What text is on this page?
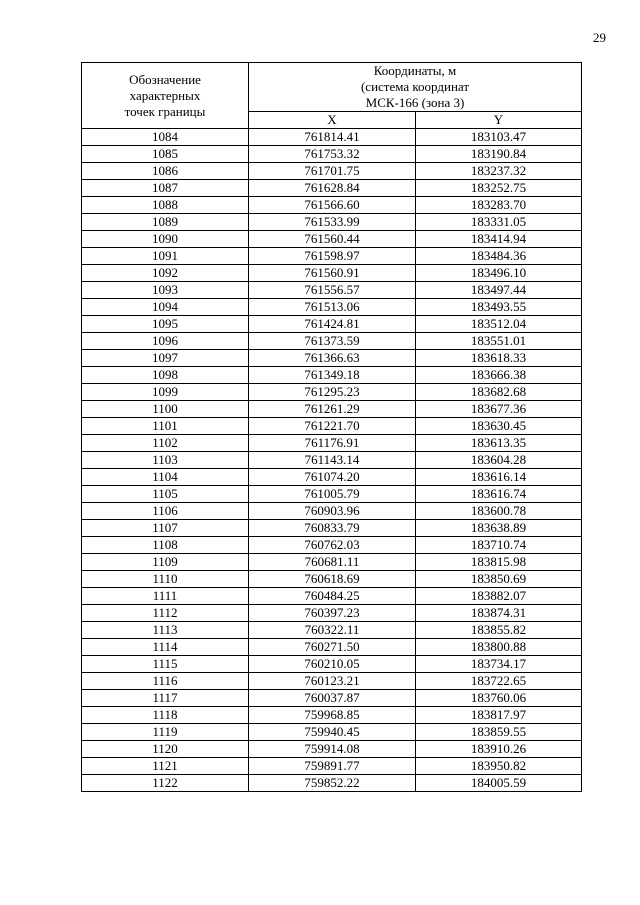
29
Обозначение
характерных
точек границы	Координаты, м
(система координат
МСК-166 (зона 3)	

	X	Y
1084	761814.41	183103.47
1085	761753.32	183190.84
1086	761701.75	183237.32
1087	761628.84	183252.75
1088	761566.60	183283.70
1089	761533.99	183331.05
1090	761560.44	183414.94
1091	761598.97	183484.36
1092	761560.91	183496.10
1093	761556.57	183497.44
1094	761513.06	183493.55
1095	761424.81	183512.04
1096	761373.59	183551.01
1097	761366.63	183618.33
1098	761349.18	183666.38
1099	761295.23	183682.68
1100	761261.29	183677.36
1101	761221.70	183630.45
1102	761176.91	183613.35
1103	761143.14	183604.28
1104	761074.20	183616.14
1105	761005.79	183616.74
1106	760903.96	183600.78
1107	760833.79	183638.89
1108	760762.03	183710.74
1109	760681.11	183815.98
1110	760618.69	183850.69
1111	760484.25	183882.07
1112	760397.23	183874.31
1113	760322.11	183855.82
1114	760271.50	183800.88
1115	760210.05	183734.17
1116	760123.21	183722.65
1117	760037.87	183760.06
1118	759968.85	183817.97
1119	759940.45	183859.55
1120	759914.08	183910.26
1121	759891.77	183950.82
1122	759852.22	184005.59
